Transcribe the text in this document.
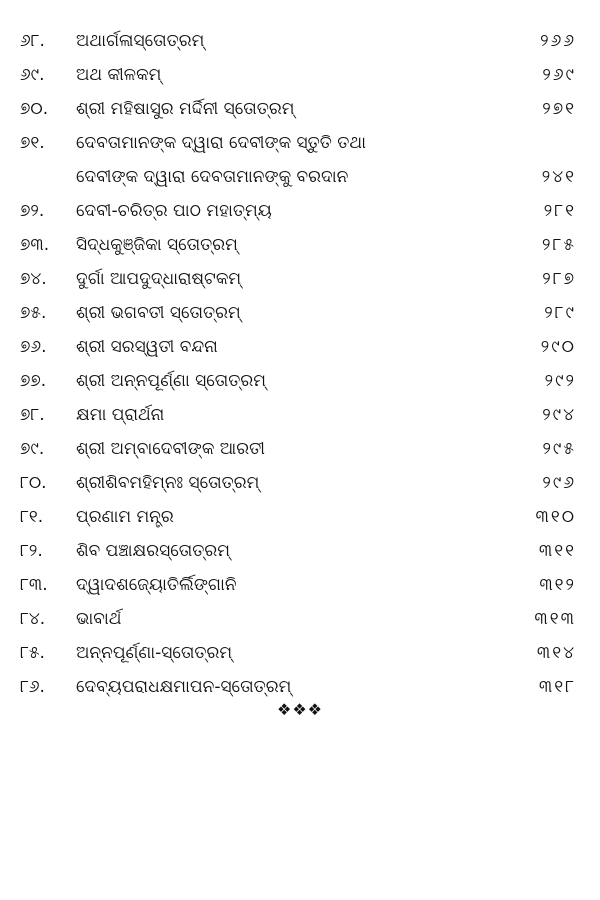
୬୮.	ଅଥାର୍ଗଳାସ୍ତୋତ୍ରମ୍	୨୬୬
୬୯.	ଅଥ କୀଳକମ୍	୨୬୯
୭୦.	ଶ୍ରୀ ମହିଷାସୁର ମର୍ଦ୍ଦିନୀ ସ୍ତୋତ୍ରମ୍	୨୭୧
୭୧.	ଦେବତାମାନଙ୍କ ଦ୍ୱାରା ଦେବୀଙ୍କ ସ୍ତୁତି ତଥା
ଦେବୀଙ୍କ ଦ୍ୱାରା ଦେବତାମାନଙ୍କୁ ବରଦାନ	୨୪୧
୭୨.	ଦେବୀ-ଚରିତ୍ର ପାଠ ମହାତ୍ମ୍ୟ	୨୮୧
୭୩.	ସିଦ୍ଧକୁଞ୍ଜିକା ସ୍ତୋତ୍ରମ୍	୨୮୫
୭୪.	ଦୁର୍ଗା ଆପଦୁଦ୍ଧାରାଷ୍ଟକମ୍	୨୮୭
୭୫.	ଶ୍ରୀ ଭଗବତୀ ସ୍ତୋତ୍ରମ୍	୨୮୯
୭୬.	ଶ୍ରୀ ସରସ୍ୱତୀ ବନ୍ଦନା	୨୯୦
୭୭.	ଶ୍ରୀ ଅନ୍ନପୂର୍ଣ୍ଣା ସ୍ତୋତ୍ରମ୍	୨୯୨
୭୮.	କ୍ଷମା ପ୍ରାର୍ଥନା	୨୯୪
୭୯.	ଶ୍ରୀ ଅମ୍ବାଦେବୀଙ୍କ ଆରତୀ	୨୯୫
୮୦.	ଶ୍ରୀଶିବମହିମ୍ନଃ ସ୍ତୋତ୍ରମ୍	୨୯୬
୮୧.	ପ୍ରଣାମ ମନ୍ତ୍ର	୩୧୦
୮୨.	ଶିବ ପଞ୍ଚାକ୍ଷରସ୍ତୋତ୍ରମ୍	୩୧୧
୮୩.	ଦ୍ୱାଦଶଜ୍ୟୋତିର୍ଲିଙ୍ଗାନି	୩୧୨
୮୪.	ଭାବାର୍ଥ	୩୧୩
୮୫.	ଅନ୍ନପୂର୍ଣ୍ଣା-ସ୍ତୋତ୍ରମ୍	୩୧୪
୮୬.	ଦେବ୍ୟପରାଧକ୍ଷମାପନ-ସ୍ତୋତ୍ରମ୍	୩୧୮
❖❖❖
